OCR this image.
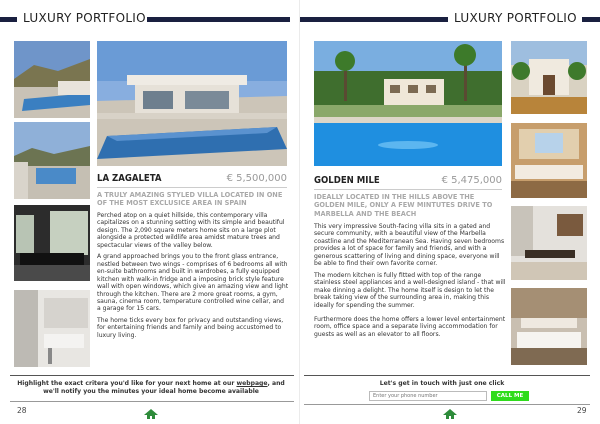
LUXURY PORTFOLIO
LA ZAGALETA	€ 5,500,000
A TRULY AMAZING STYLED VILLA LOCATED IN ONE OF THE MOST EXCLUSICE AREA IN SPAIN

Perched atop on a quiet hillside, this contemporary villa capitalizes on a stunning setting with its simple and beautiful design. The 2,090 square meters home sits on a large plot alongside a protected wildlife area amidst mature trees and spectacular views of the valley below.

A grand approached brings you to the front glass entrance, nestled between two wings - comprises of 6 bedrooms all with en-suite bathrooms and built in wardrobes, a fully equipped kitchen with walk-in fridge and a imposing brick style feature wall with open windows, which give an amazing view and light through the kitchen. There are 2 more great rooms, a gym, sauna, cinema room, temperature controlled wine cellar, and a garage for 15 cars.

The home ticks every box for privacy and outstanding views, for entertaining friends and family and being accustomed to luxury living.

Highlight the exact critera you'd like for your next home at our webpage, and we'll notify you the minutes your ideal home become available
28
LUXURY PORTFOLIO
GOLDEN MILE	€ 5,475,000
IDEALLY LOCATED IN THE HILLS ABOVE THE GOLDEN MILE, ONLY A FEW MINTUTES DRIVE TO MARBELLA AND THE BEACH

This very impressive South-facing villa sits in a gated and secure community, with a beautiful view of the Marbella coastline and the Mediterranean Sea. Having seven bedrooms provides a lot of space for family and friends, and with a generous scattering of living and dining space, everyone will be able to find their own favorite corner.

The modern kitchen is fully fitted with top of the range stainless steel appliances and a well-designed island - that will make dinning a delight. The home itself is design to let the break taking view of the surrounding area in, making this ideally for spending the summer.

Furthermore does the home offers a lower level entertainment room, office space and a separate living accommodation for guests as well as an elevator to all floors.

Let's get in touch with just one click
29
Enter your phone number
CALL ME
